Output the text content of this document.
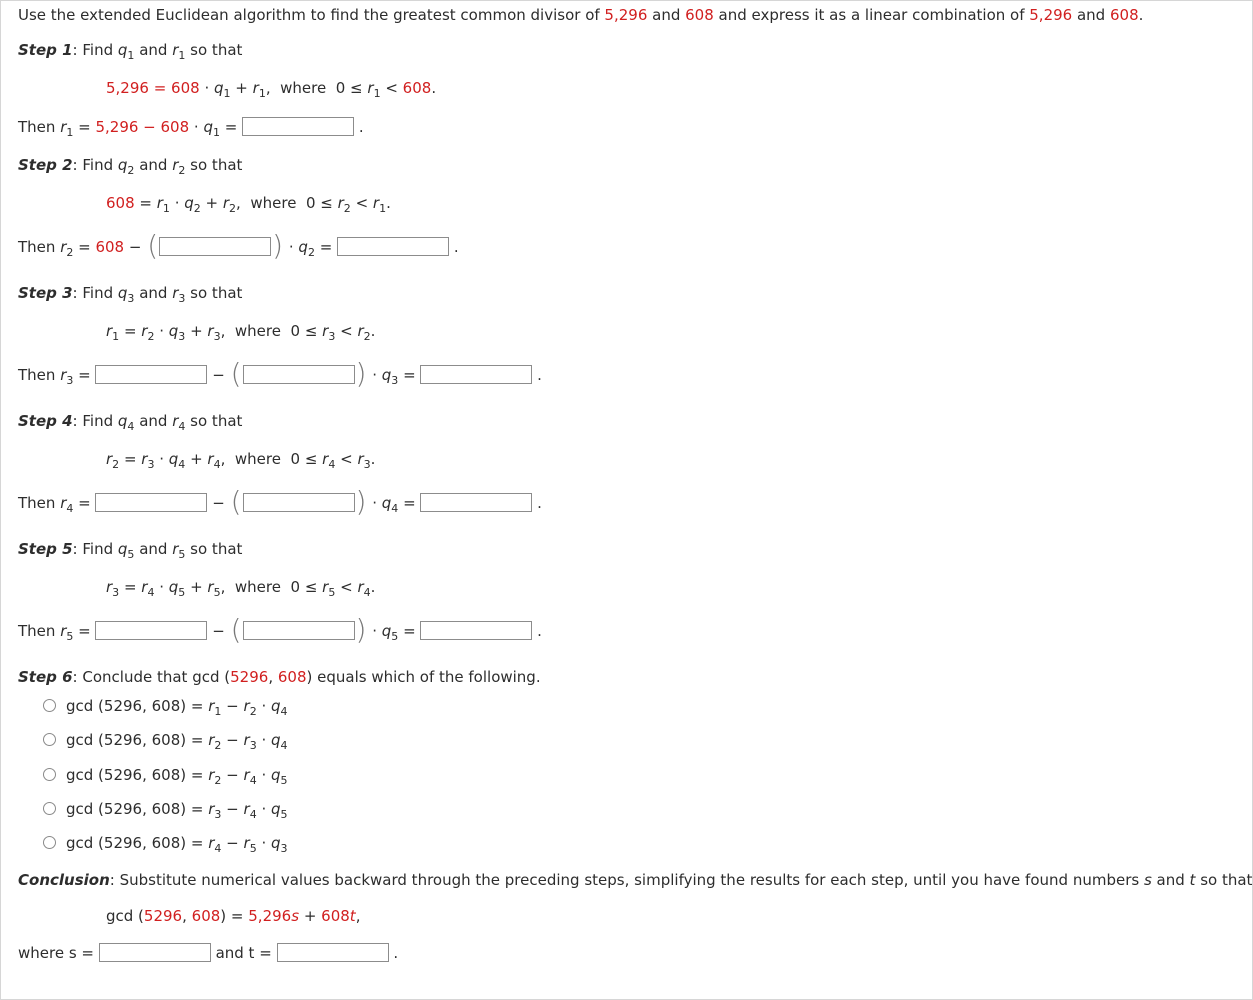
Use the extended Euclidean algorithm to find the greatest common divisor of 5,296 and 608 and express it as a linear combination of 5,296 and 608.
Step 1: Find $q_1$ and $r_1$ so that
$5,296 = 608 \cdot q_1 + r_1$,  where  $0 \le r_1 < 608$.
Then $r_1 = 5,296 - 608 \cdot q_1$ =	.
Step 2: Find $q_2$ and $r_2$ so that
$608 = r_1 \cdot q_2 + r_2$,  where  $0 \le r_2 < r_1$.
Then $r_2 = 608$ − (	) · $q_2$ =	.
Step 3: Find $q_3$ and $r_3$ so that
$r_1 = r_2 \cdot q_3 + r_3$,  where  $0 \le r_3 < r_2$.
Then $r_3$ =	− (	) · $q_3$ =	.
Step 4: Find $q_4$ and $r_4$ so that
$r_2 = r_3 \cdot q_4 + r_4$,  where  $0 \le r_4 < r_3$.
Then $r_4$ =	− (	) · $q_4$ =	.
Step 5: Find $q_5$ and $r_5$ so that
$r_3 = r_4 \cdot q_5 + r_5$,  where  $0 \le r_5 < r_4$.
Then $r_5$ =	− (	) · $q_5$ =	.
Step 6: Conclude that gcd (5296, 608) equals which of the following.
gcd (5296, $608) = r_1 - r_2 \cdot q_4$
gcd (5296, $608) = r_2 - r_3 \cdot q_4$
gcd (5296, $608) = r_2 - r_4 \cdot q_5$
gcd (5296, $608) = r_3 - r_4 \cdot q_5$
gcd (5296, $608) = r_4 - r_5 \cdot q_3$
Conclusion: Substitute numerical values backward through the preceding steps, simplifying the results for each step, until you have found numbers s and t so that
gcd (5296, 608) = 5,296s + 608t,
where s =	and t =	.
